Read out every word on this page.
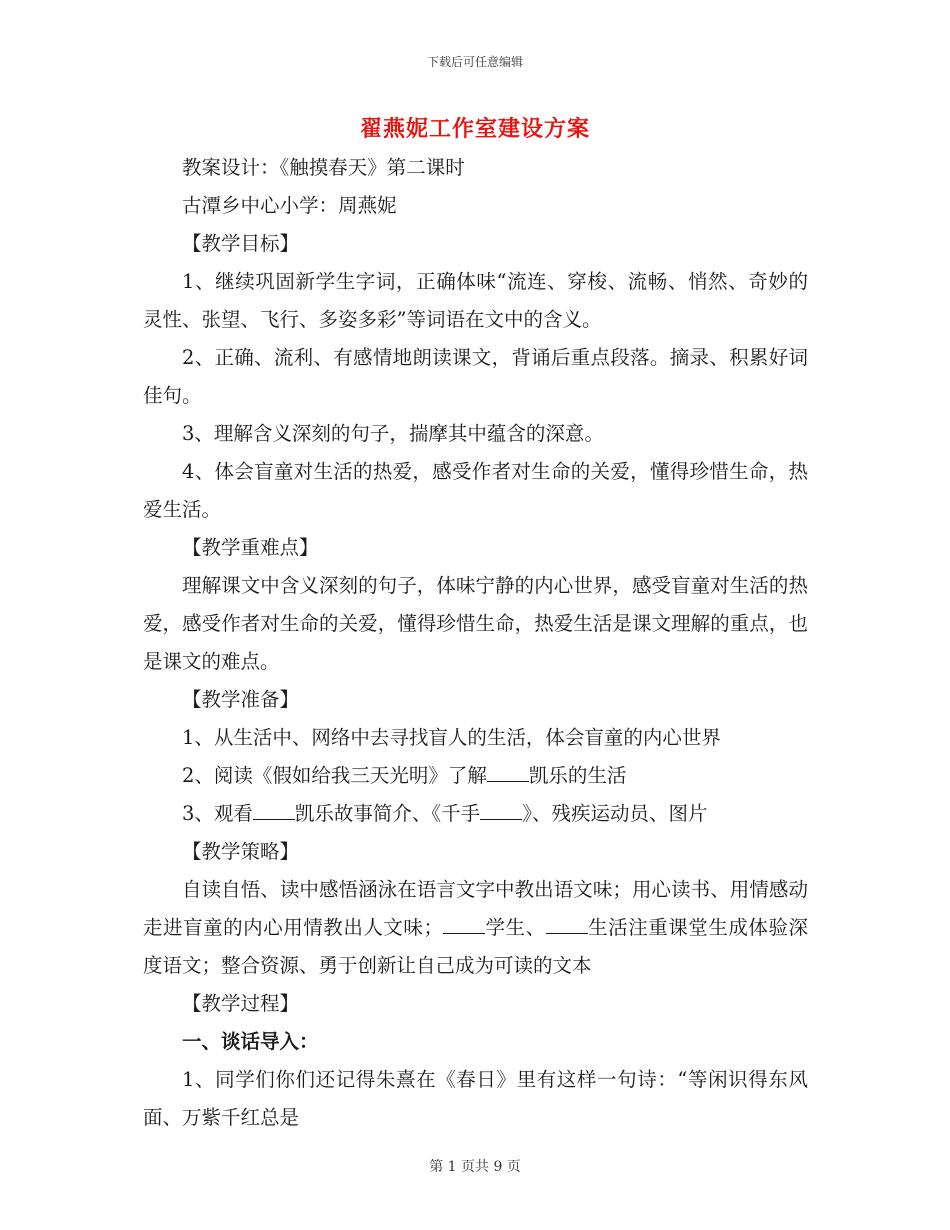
下载后可任意编辑
翟燕妮工作室建设方案

教案设计：《触摸春天》第二课时

古潭乡中心小学：周燕妮

【教学目标】

1、继续巩固新学生字词，正确体味“流连、穿梭、流畅、悄然、奇妙的灵性、张望、飞行、多姿多彩”等词语在文中的含义。

2、正确、流利、有感情地朗读课文，背诵后重点段落。摘录、积累好词佳句。

3、理解含义深刻的句子，揣摩其中蕴含的深意。

4、体会盲童对生活的热爱，感受作者对生命的关爱，懂得珍惜生命，热爱生活。

【教学重难点】

理解课文中含义深刻的句子，体味宁静的内心世界，感受盲童对生活的热爱，感受作者对生命的关爱，懂得珍惜生命，热爱生活是课文理解的重点，也是课文的难点。

【教学准备】

1、从生活中、网络中去寻找盲人的生活，体会盲童的内心世界

2、阅读《假如给我三天光明》了解 凯乐的生活

3、观看 凯乐故事简介、《千手 》、残疾运动员、图片

【教学策略】

自读自悟、读中感悟涵泳在语言文字中教出语文味；用心读书、用情感动走进盲童的内心用情教出人文味； 学生、 生活注重课堂生成体验深度语文；整合资源、勇于创新让自己成为可读的文本

【教学过程】

一、谈话导入：

1、同学们你们还记得朱熹在《春日》里有这样一句诗：“等闲识得东风面、万紫千红总是

第 1 页共 9 页
